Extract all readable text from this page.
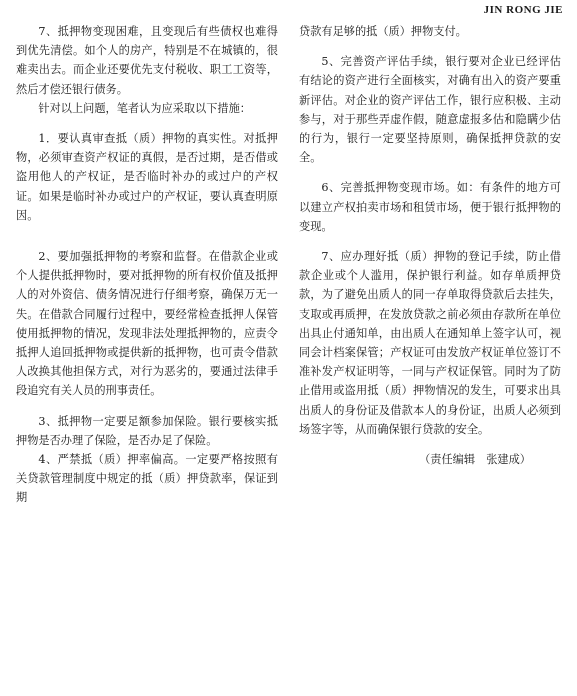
JIN RONG JIE

7、抵押物变现困难，且变现后有些债权也难得到优先清偿。如个人的房产，特别是不在城镇的，很难卖出去。而企业还要优先支付税收、职工工资等，然后才偿还银行债务。

针对以上问题，笔者认为应采取以下措施：

1．要认真审查抵（质）押物的真实性。对抵押物，必须审查资产权证的真假，是否过期，是否借或盗用他人的产权证，是否临时补办的或过户的产权证。如果是临时补办或过户的产权证，要认真查明原因。

2、要加强抵押物的考察和监督。在借款企业或个人提供抵押物时，要对抵押物的所有权价值及抵押人的对外资信、债务情况进行仔细考察，确保万无一失。在借款合同履行过程中，要经常检查抵押人保管使用抵押物的情况，发现非法处理抵押物的，应责令抵押人追回抵押物或提供新的抵押物，也可责令借款人改换其他担保方式，对行为恶劣的，要通过法律手段追究有关人员的刑事责任。

3、抵押物一定要足额参加保险。银行要核实抵押物是否办理了保险，是否办足了保险。

4、严禁抵（质）押率偏高。一定要严格按照有关贷款管理制度中规定的抵（质）押贷款率，保证到期

贷款有足够的抵（质）押物支付。

5、完善资产评估手续，银行要对企业已经评估有结论的资产进行全面核实，对确有出入的资产要重新评估。对企业的资产评估工作，银行应积极、主动参与，对于那些弄虚作假，随意虚报多估和隐瞒少估的行为，银行一定要坚持原则，确保抵押贷款的安全。

6、完善抵押物变现市场。如：有条件的地方可以建立产权拍卖市场和租赁市场，便于银行抵押物的变现。

7、应办理好抵（质）押物的登记手续，防止借款企业或个人滥用，保护银行利益。如存单质押贷款，为了避免出质人的同一存单取得贷款后去挂失，支取或再质押，在发放贷款之前必须由存款所在单位出具止付通知单，由出质人在通知单上签字认可，视同会计档案保管；产权证可由发放产权证单位签订不准补发产权证明等，一同与产权证保管。同时为了防止借用或盗用抵（质）押物情况的发生，可要求出具出质人的身份证及借款本人的身份证，出质人必须到场签字等，从而确保银行贷款的安全。

（责任编辑　张建成）
